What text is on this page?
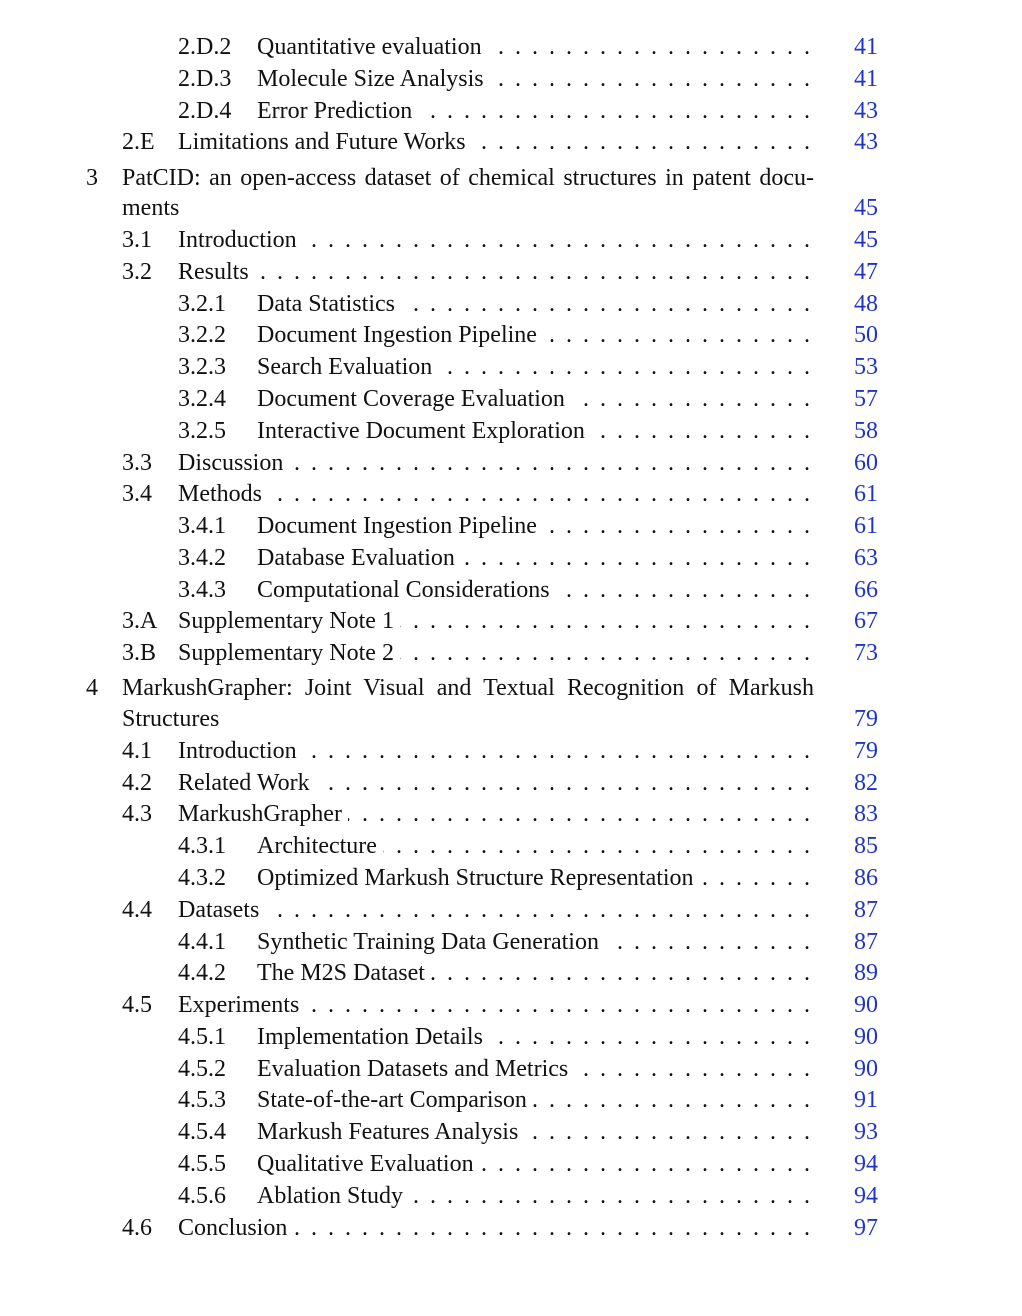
. . .
2.D.2 Quantitative evaluation	41
. . .
2.D.3 Molecule Size Analysis	41
. . .
2.D.4 Error Prediction	43
. . .
2.E Limitations and Future Works	43
3 PatCID: an open-access dataset of chemical structures in patent docu-
ments	45
. . .
3.1 Introduction	45
. . .
3.2 Results	47
. . .
3.2.1 Data Statistics	48
. . .
3.2.2 Document Ingestion Pipeline	50
. . .
3.2.3 Search Evaluation	53
. . .
3.2.4 Document Coverage Evaluation	57
. . .
3.2.5 Interactive Document Exploration	58
. . .
3.3 Discussion	60
. . .
3.4 Methods	61
. . .
3.4.1 Document Ingestion Pipeline	61
. . .
3.4.2 Database Evaluation	63
. . .
3.4.3 Computational Considerations	66
. . .
3.A Supplementary Note 1	67
. . .
3.B Supplementary Note 2	73
4 MarkushGrapher: Joint Visual and Textual Recognition of Markush
Structures	79
. . .
4.1 Introduction	79
. . .
4.2 Related Work	82
. . .
4.3 MarkushGrapher	83
. . .
4.3.1 Architecture	85
. . .
4.3.2 Optimized Markush Structure Representation	86
. . .
4.4 Datasets	87
. . .
4.4.1 Synthetic Training Data Generation	87
. . .
4.4.2 The M2S Dataset	89
. . .
4.5 Experiments	90
. . .
4.5.1 Implementation Details	90
. . .
4.5.2 Evaluation Datasets and Metrics	90
. . .
4.5.3 State-of-the-art Comparison	91
. . .
4.5.4 Markush Features Analysis	93
. . .
4.5.5 Qualitative Evaluation	94
. . .
4.5.6 Ablation Study	94
. . .
4.6 Conclusion	97
